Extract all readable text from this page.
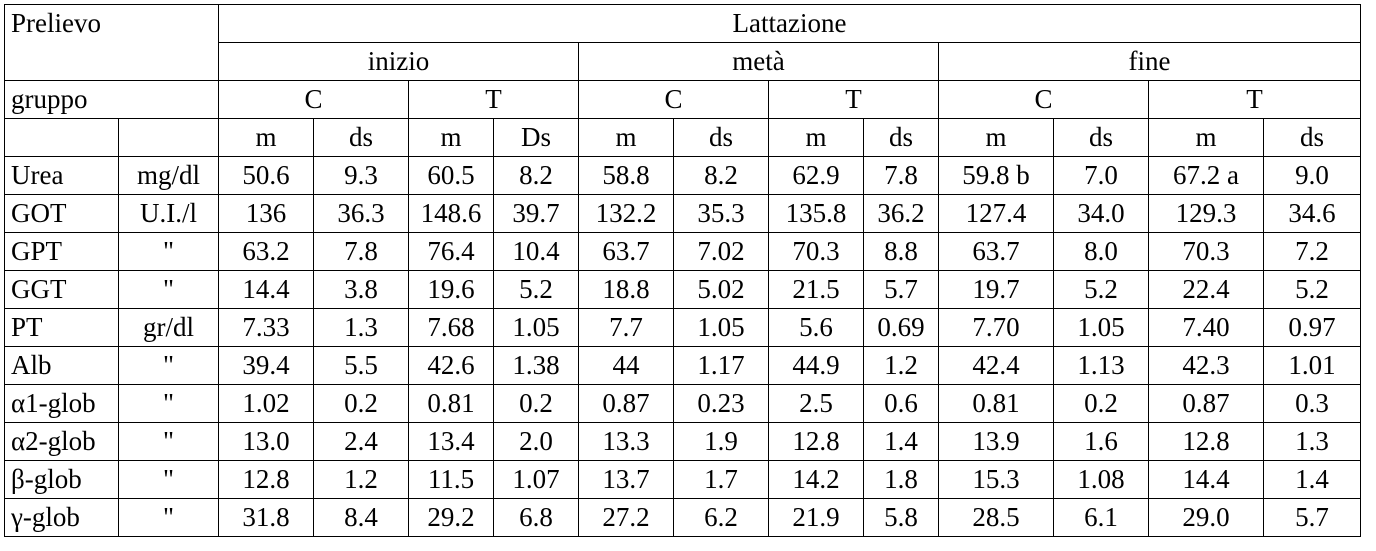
Prelievo		Lattazione											
		inizio				metà				fine			
gruppo		C		T		C		T		C		T	
		m	ds	m	Ds	m	ds	m	ds	m	ds	m	ds
Urea	mg/dl	50.6	9.3	60.5	8.2	58.8	8.2	62.9	7.8	59.8 b	7.0	67.2 a	9.0
GOT	U.I./l	136	36.3	148.6	39.7	132.2	35.3	135.8	36.2	127.4	34.0	129.3	34.6
GPT	"	63.2	7.8	76.4	10.4	63.7	7.02	70.3	8.8	63.7	8.0	70.3	7.2
GGT	"	14.4	3.8	19.6	5.2	18.8	5.02	21.5	5.7	19.7	5.2	22.4	5.2
PT	gr/dl	7.33	1.3	7.68	1.05	7.7	1.05	5.6	0.69	7.70	1.05	7.40	0.97
Alb	"	39.4	5.5	42.6	1.38	44	1.17	44.9	1.2	42.4	1.13	42.3	1.01
α1-glob	"	1.02	0.2	0.81	0.2	0.87	0.23	2.5	0.6	0.81	0.2	0.87	0.3
α2-glob	"	13.0	2.4	13.4	2.0	13.3	1.9	12.8	1.4	13.9	1.6	12.8	1.3
β-glob	"	12.8	1.2	11.5	1.07	13.7	1.7	14.2	1.8	15.3	1.08	14.4	1.4
γ-glob	"	31.8	8.4	29.2	6.8	27.2	6.2	21.9	5.8	28.5	6.1	29.0	5.7
